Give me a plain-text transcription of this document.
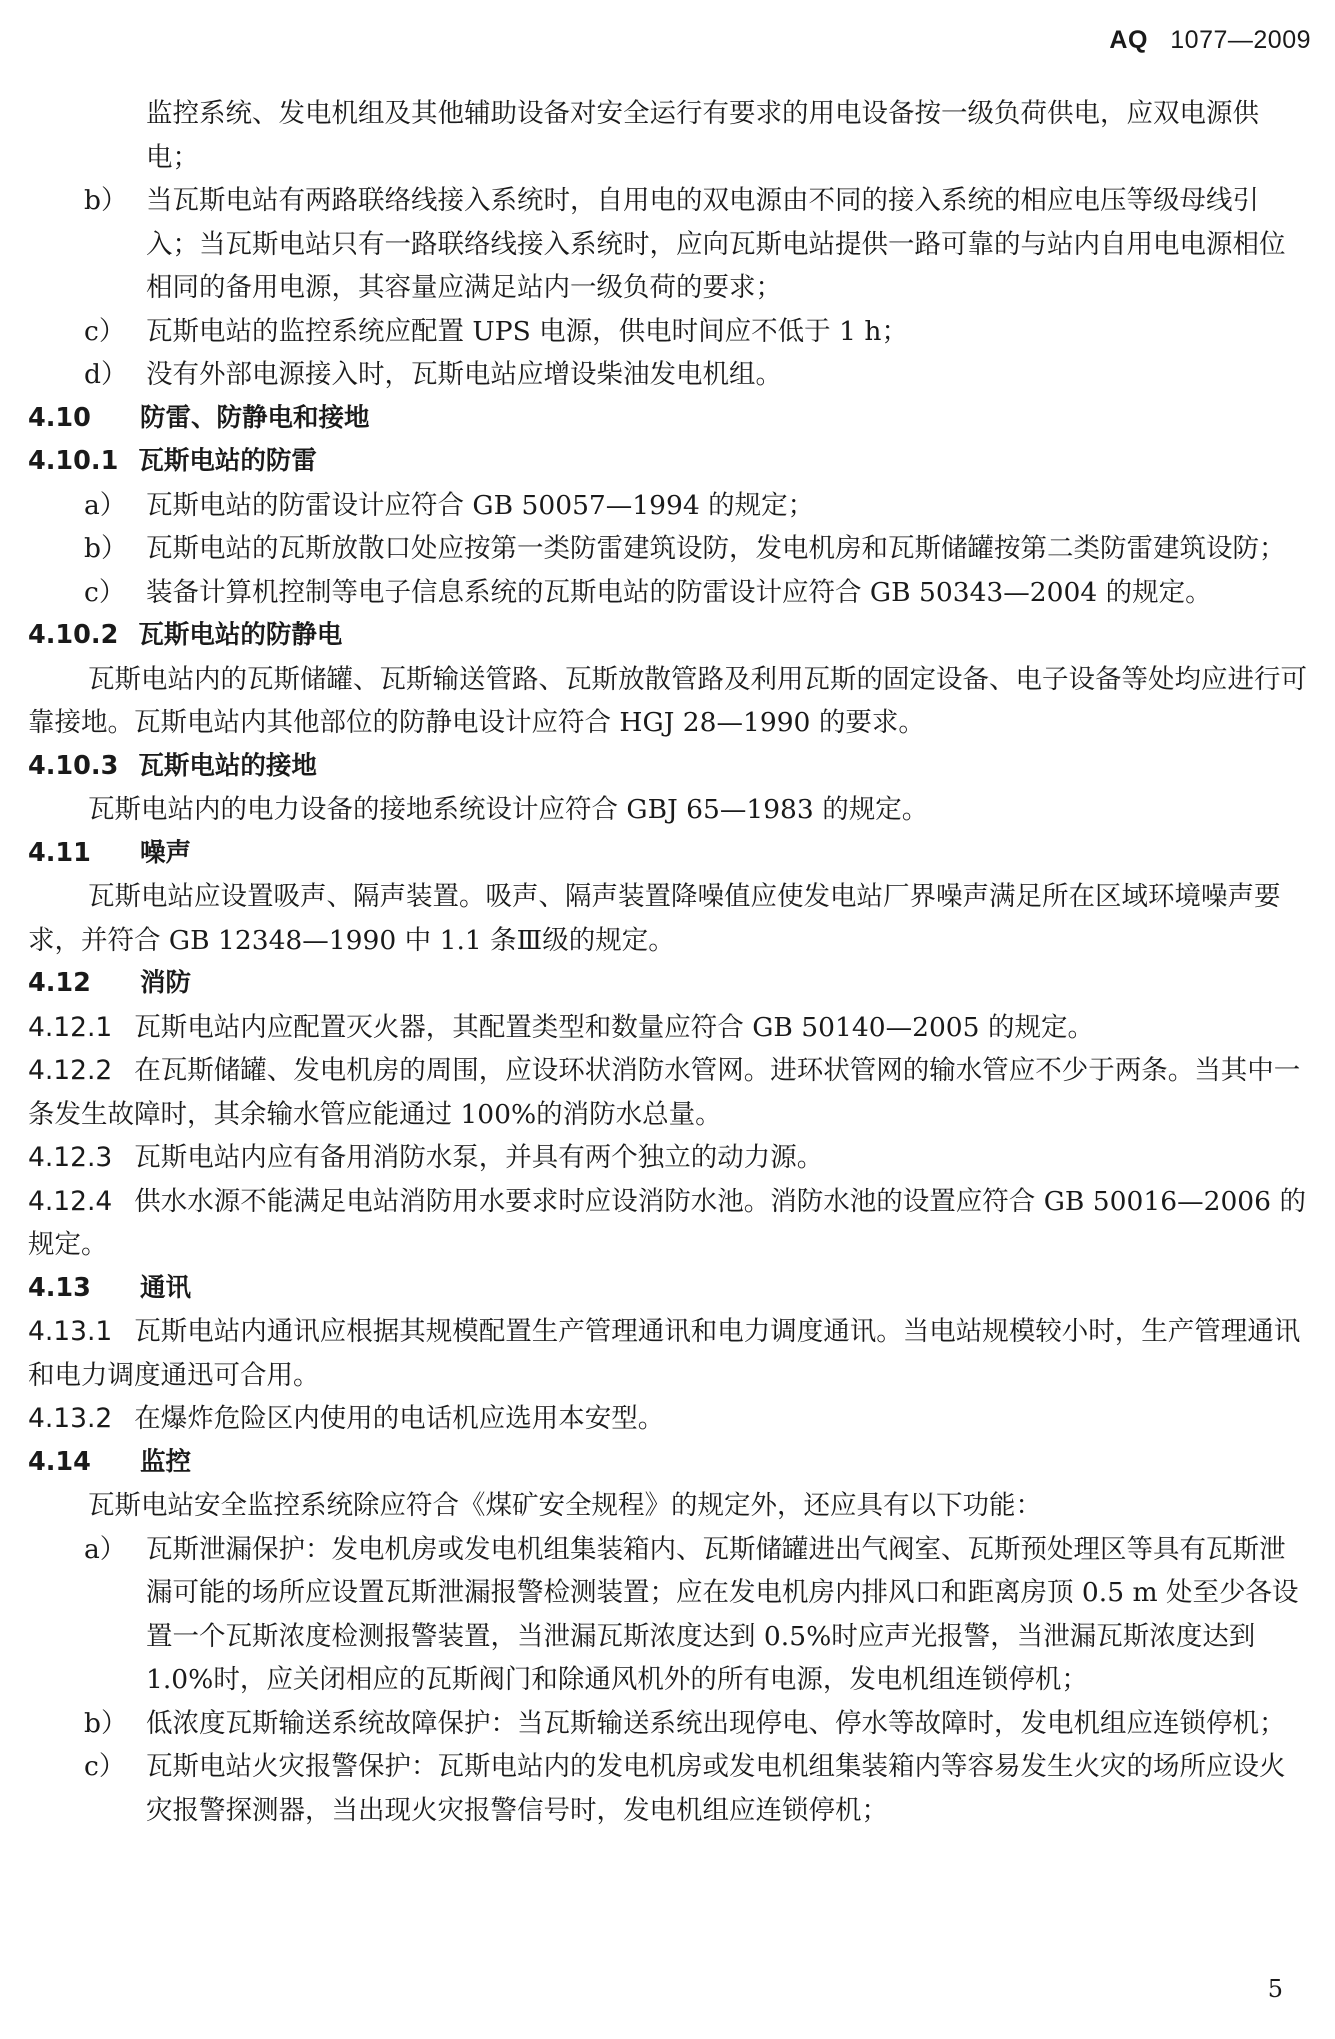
AQ 1077—2009
监控系统、发电机组及其他辅助设备对安全运行有要求的用电设备按一级负荷供电，应双电源供电；
b） 当瓦斯电站有两路联络线接入系统时，自用电的双电源由不同的接入系统的相应电压等级母线引入；当瓦斯电站只有一路联络线接入系统时，应向瓦斯电站提供一路可靠的与站内自用电电源相位相同的备用电源，其容量应满足站内一级负荷的要求；
c） 瓦斯电站的监控系统应配置 UPS 电源，供电时间应不低于 1 h；
d） 没有外部电源接入时，瓦斯电站应增设柴油发电机组。
4.10 防雷、防静电和接地
4.10.1 瓦斯电站的防雷
a） 瓦斯电站的防雷设计应符合 GB 50057—1994 的规定；
b） 瓦斯电站的瓦斯放散口处应按第一类防雷建筑设防，发电机房和瓦斯储罐按第二类防雷建筑设防；
c） 装备计算机控制等电子信息系统的瓦斯电站的防雷设计应符合 GB 50343—2004 的规定。
4.10.2 瓦斯电站的防静电
瓦斯电站内的瓦斯储罐、瓦斯输送管路、瓦斯放散管路及利用瓦斯的固定设备、电子设备等处均应进行可靠接地。瓦斯电站内其他部位的防静电设计应符合 HGJ 28—1990 的要求。
4.10.3 瓦斯电站的接地
瓦斯电站内的电力设备的接地系统设计应符合 GBJ 65—1983 的规定。
4.11 噪声
瓦斯电站应设置吸声、隔声装置。吸声、隔声装置降噪值应使发电站厂界噪声满足所在区域环境噪声要求，并符合 GB 12348—1990 中 1.1 条Ⅲ级的规定。
4.12 消防
4.12.1 瓦斯电站内应配置灭火器，其配置类型和数量应符合 GB 50140—2005 的规定。
4.12.2 在瓦斯储罐、发电机房的周围，应设环状消防水管网。进环状管网的输水管应不少于两条。当其中一条发生故障时，其余输水管应能通过 100%的消防水总量。
4.12.3 瓦斯电站内应有备用消防水泵，并具有两个独立的动力源。
4.12.4 供水水源不能满足电站消防用水要求时应设消防水池。消防水池的设置应符合 GB 50016—2006 的规定。
4.13 通讯
4.13.1 瓦斯电站内通讯应根据其规模配置生产管理通讯和电力调度通讯。当电站规模较小时，生产管理通讯和电力调度通迅可合用。
4.13.2 在爆炸危险区内使用的电话机应选用本安型。
4.14 监控
瓦斯电站安全监控系统除应符合《煤矿安全规程》的规定外，还应具有以下功能：
a） 瓦斯泄漏保护：发电机房或发电机组集装箱内、瓦斯储罐进出气阀室、瓦斯预处理区等具有瓦斯泄漏可能的场所应设置瓦斯泄漏报警检测装置；应在发电机房内排风口和距离房顶 0.5 m 处至少各设置一个瓦斯浓度检测报警装置，当泄漏瓦斯浓度达到 0.5%时应声光报警，当泄漏瓦斯浓度达到 1.0%时，应关闭相应的瓦斯阀门和除通风机外的所有电源，发电机组连锁停机；
b） 低浓度瓦斯输送系统故障保护：当瓦斯输送系统出现停电、停水等故障时，发电机组应连锁停机；
c） 瓦斯电站火灾报警保护：瓦斯电站内的发电机房或发电机组集装箱内等容易发生火灾的场所应设火灾报警探测器，当出现火灾报警信号时，发电机组应连锁停机；
5
